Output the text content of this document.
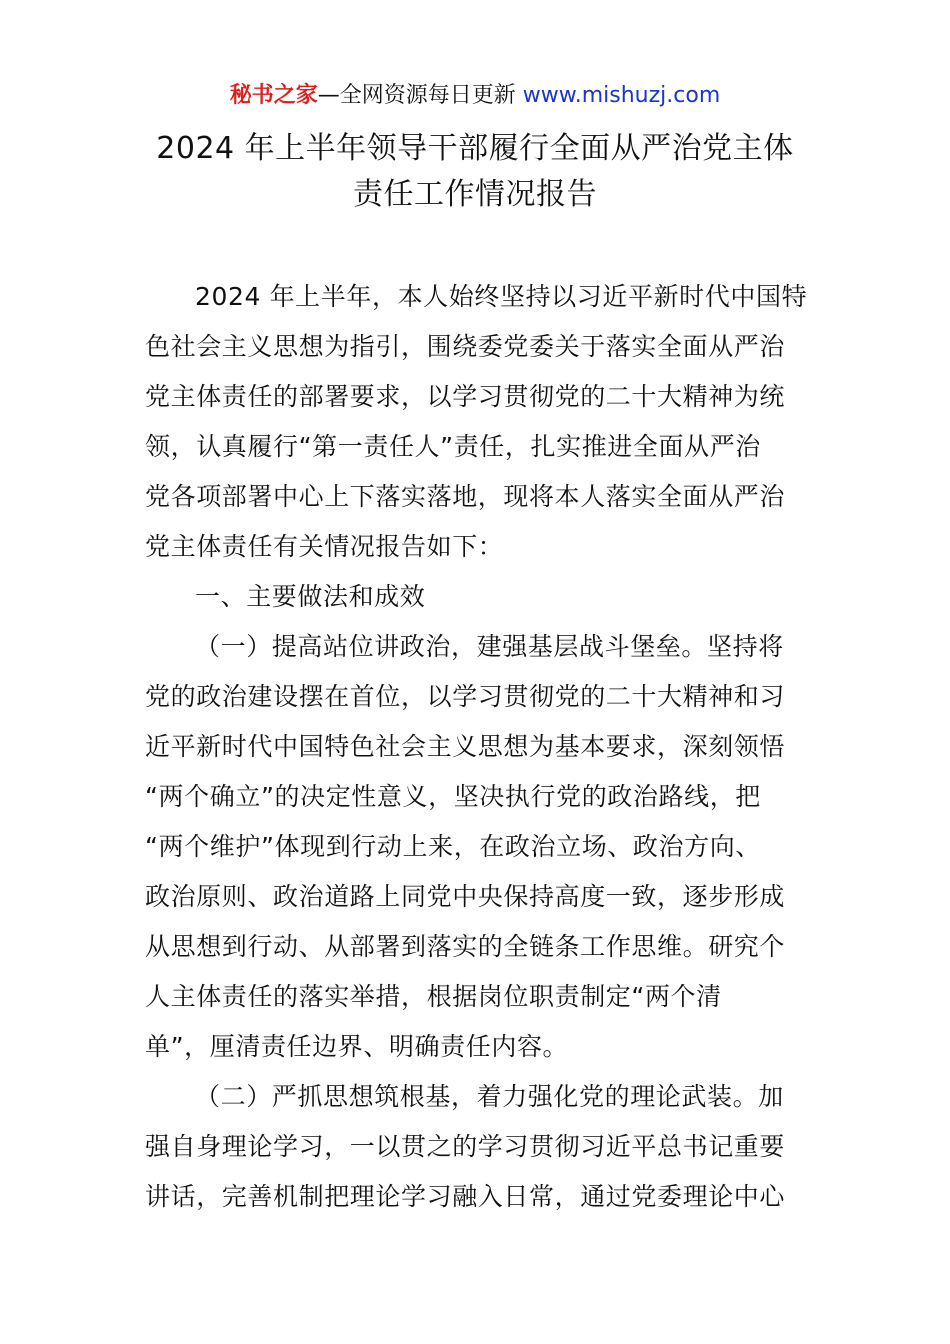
秘书之家—全网资源每日更新 www.mishuzj.com
2024 年上半年领导干部履行全面从严治党主体
责任工作情况报告
2024 年上半年，本人始终坚持以习近平新时代中国特
色社会主义思想为指引，围绕委党委关于落实全面从严治
党主体责任的部署要求，以学习贯彻党的二十大精神为统
领，认真履行“第一责任人”责任，扎实推进全面从严治
党各项部署中心上下落实落地，现将本人落实全面从严治
党主体责任有关情况报告如下：
一、主要做法和成效
（一）提高站位讲政治，建强基层战斗堡垒。坚持将
党的政治建设摆在首位，以学习贯彻党的二十大精神和习
近平新时代中国特色社会主义思想为基本要求，深刻领悟
“两个确立”的决定性意义，坚决执行党的政治路线，把
“两个维护”体现到行动上来，在政治立场、政治方向、
政治原则、政治道路上同党中央保持高度一致，逐步形成
从思想到行动、从部署到落实的全链条工作思维。研究个
人主体责任的落实举措，根据岗位职责制定“两个清
单”，厘清责任边界、明确责任内容。
（二）严抓思想筑根基，着力强化党的理论武装。加
强自身理论学习，一以贯之的学习贯彻习近平总书记重要
讲话，完善机制把理论学习融入日常，通过党委理论中心
